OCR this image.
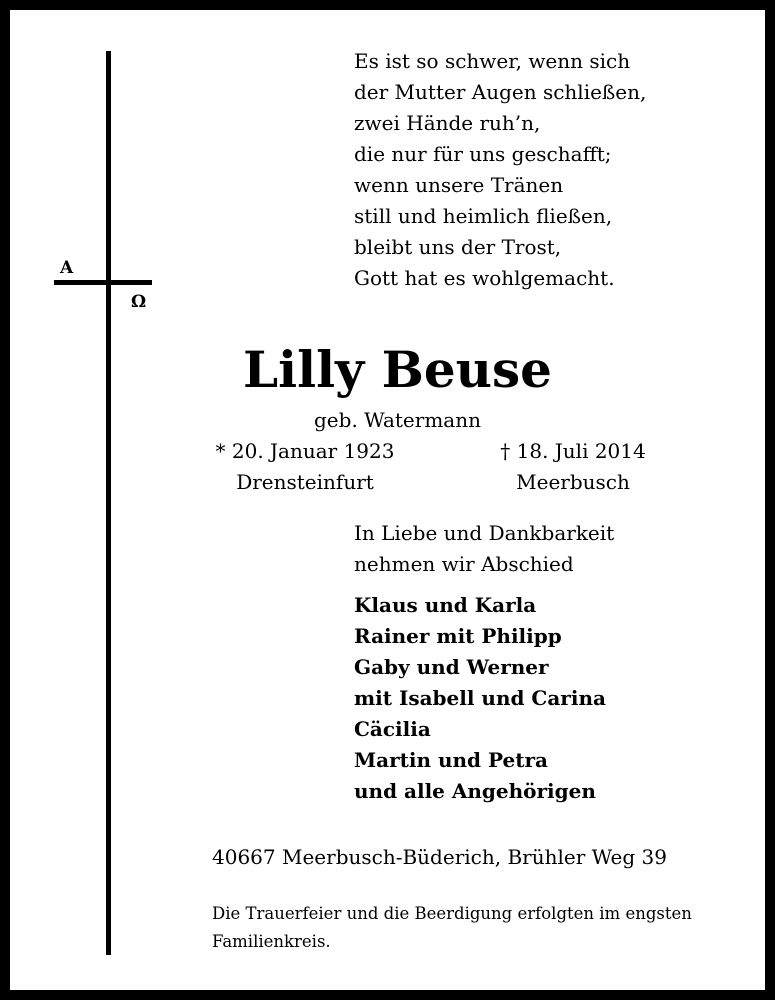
Α
Ω
Es ist so schwer, wenn sich
der Mutter Augen schließen,
zwei Hände ruh’n,
die nur für uns geschafft;
wenn unsere Tränen
still und heimlich fließen,
bleibt uns der Trost,
Gott hat es wohlgemacht.
Lilly Beuse
geb. Watermann
* 20. Januar 1923
Drensteinfurt
† 18. Juli 2014
Meerbusch
In Liebe und Dankbarkeit
nehmen wir Abschied
Klaus und Karla
Rainer mit Philipp
Gaby und Werner
mit Isabell und Carina
Cäcilia
Martin und Petra
und alle Angehörigen
40667 Meerbusch-Büderich, Brühler Weg 39
Die Trauerfeier und die Beerdigung erfolgten im engsten Familienkreis.
